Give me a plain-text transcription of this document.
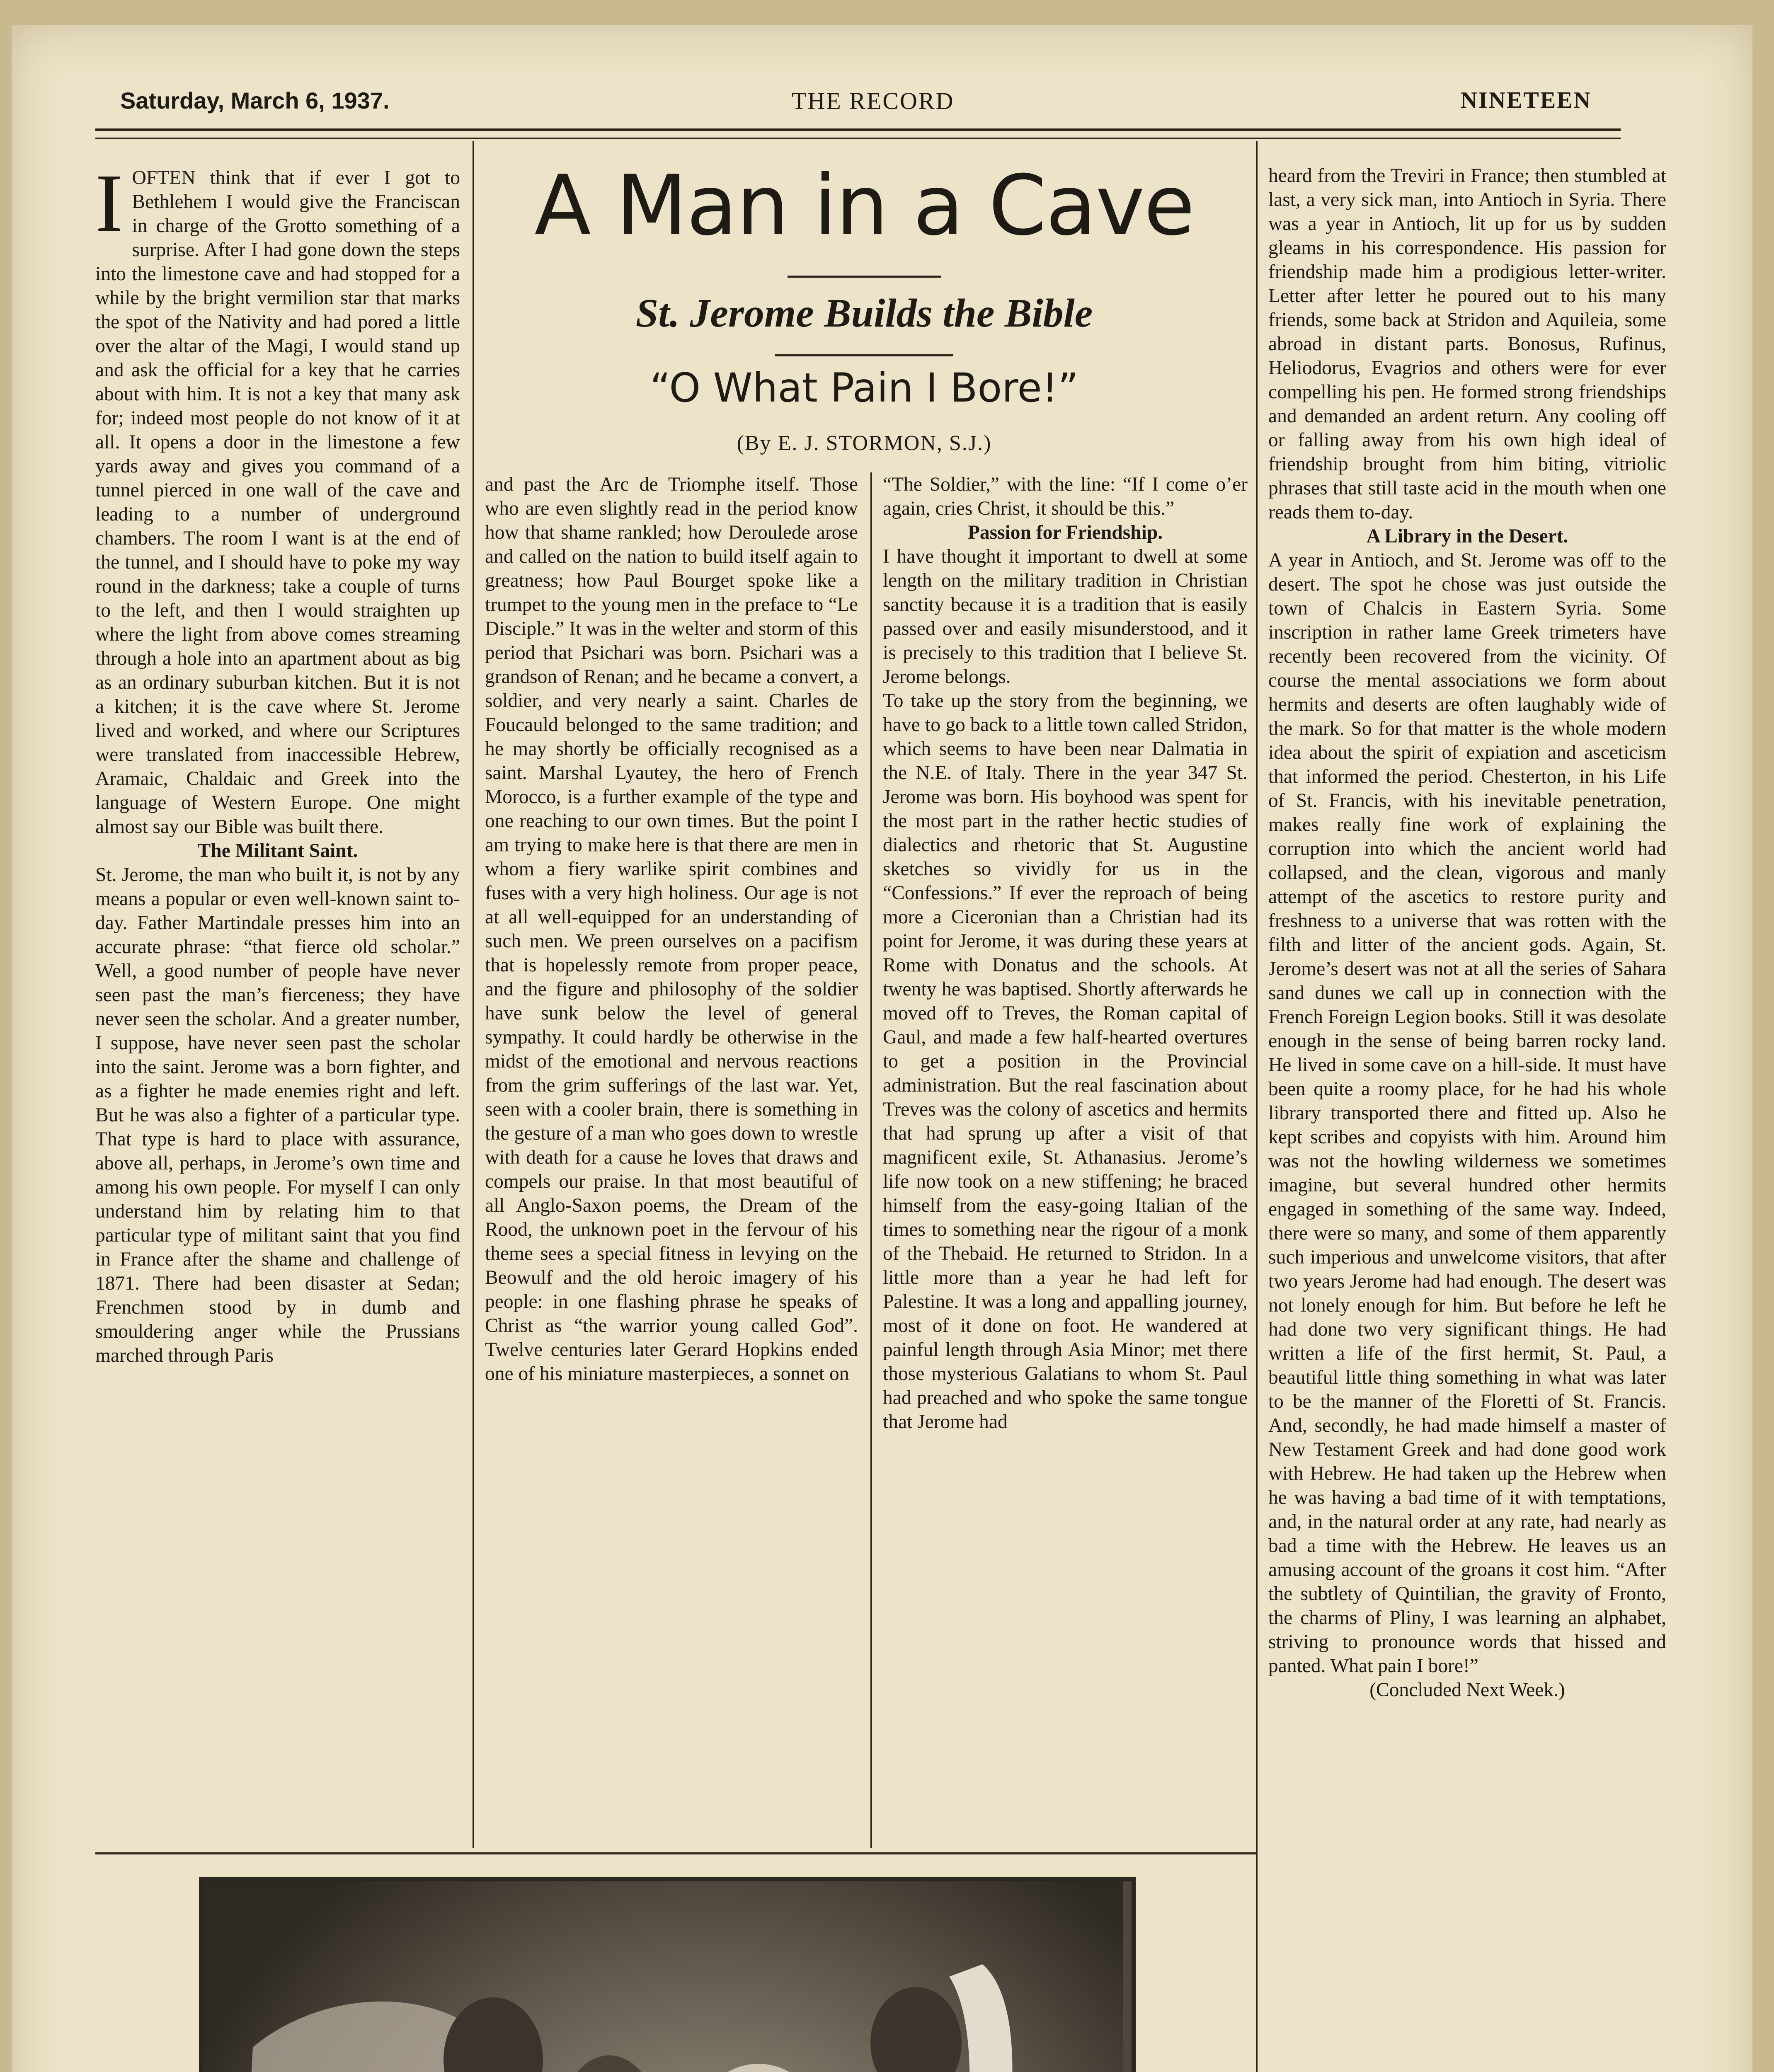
Saturday, March 6, 1937.	THE RECORD	NINETEEN
A Man in a Cave
St. Jerome Builds the Bible
“O What Pain I Bore!”
(By E. J. STORMON, S.J.)

IOFTEN think that if ever I got to Bethlehem I would give the Franciscan in charge of the Grotto something of a surprise. After I had gone down the steps into the limestone cave and had stopped for a while by the bright vermilion star that marks the spot of the Nativity and had pored a little over the altar of the Magi, I would stand up and ask the official for a key that he carries about with him. It is not a key that many ask for; indeed most people do not know of it at all. It opens a door in the limestone a few yards away and gives you command of a tunnel pierced in one wall of the cave and leading to a number of underground chambers. The room I want is at the end of the tunnel, and I should have to poke my way round in the darkness; take a couple of turns to the left, and then I would straighten up where the light from above comes streaming through a hole into an apartment about as big as an ordinary suburban kitchen. But it is not a kitchen; it is the cave where St. Jerome lived and worked, and where our Scriptures were translated from inaccessible Hebrew, Aramaic, Chaldaic and Greek into the language of Western Europe. One might almost say our Bible was built there.

The Militant Saint.

St. Jerome, the man who built it, is not by any means a popular or even well-known saint to-day. Father Martindale presses him into an accurate phrase: “that fierce old scholar.” Well, a good number of people have never seen past the man’s fierceness; they have never seen the scholar. And a greater number, I suppose, have never seen past the scholar into the saint. Jerome was a born fighter, and as a fighter he made enemies right and left. But he was also a fighter of a particular type. That type is hard to place with assurance, above all, perhaps, in Jerome’s own time and among his own people. For myself I can only understand him by relating him to that particular type of militant saint that you find in France after the shame and challenge of 1871. There had been disaster at Sedan; Frenchmen stood by in dumb and smouldering anger while the Prussians marched through Paris

and past the Arc de Triomphe itself. Those who are even slightly read in the period know how that shame rankled; how Deroulede arose and called on the nation to build itself again to greatness; how Paul Bourget spoke like a trumpet to the young men in the preface to “Le Disciple.” It was in the welter and storm of this period that Psichari was born. Psichari was a grandson of Renan; and he became a convert, a soldier, and very nearly a saint. Charles de Foucauld belonged to the same tradition; and he may shortly be officially recognised as a saint. Marshal Lyautey, the hero of French Morocco, is a further example of the type and one reaching to our own times. But the point I am trying to make here is that there are men in whom a fiery warlike spirit combines and fuses with a very high holiness. Our age is not at all well-equipped for an understanding of such men. We preen ourselves on a pacifism that is hopelessly remote from proper peace, and the figure and philosophy of the soldier have sunk below the level of general sympathy. It could hardly be otherwise in the midst of the emotional and nervous reactions from the grim sufferings of the last war. Yet, seen with a cooler brain, there is something in the gesture of a man who goes down to wrestle with death for a cause he loves that draws and compels our praise. In that most beautiful of all Anglo-Saxon poems, the Dream of the Rood, the unknown poet in the fervour of his theme sees a special fitness in levying on the Beowulf and the old heroic imagery of his people: in one flashing phrase he speaks of Christ as “the warrior young called God”. Twelve centuries later Gerard Hopkins ended one of his miniature masterpieces, a sonnet on

“The Soldier,” with the line: “If I come o’er again, cries Christ, it should be this.”

Passion for Friendship.

I have thought it important to dwell at some length on the military tradition in Christian sanctity because it is a tradition that is easily passed over and easily misunderstood, and it is precisely to this tradition that I believe St. Jerome belongs.

To take up the story from the beginning, we have to go back to a little town called Stridon, which seems to have been near Dalmatia in the N.E. of Italy. There in the year 347 St. Jerome was born. His boyhood was spent for the most part in the rather hectic studies of dialectics and rhetoric that St. Augustine sketches so vividly for us in the “Confessions.” If ever the reproach of being more a Ciceronian than a Christian had its point for Jerome, it was during these years at Rome with Donatus and the schools. At twenty he was baptised. Shortly afterwards he moved off to Treves, the Roman capital of Gaul, and made a few half-hearted overtures to get a position in the Provincial administration. But the real fascination about Treves was the colony of ascetics and hermits that had sprung up after a visit of that magnificent exile, St. Athanasius. Jerome’s life now took on a new stiffening; he braced himself from the easy-going Italian of the times to something near the rigour of a monk of the Thebaid. He returned to Stridon. In a little more than a year he had left for Palestine. It was a long and appalling journey, most of it done on foot. He wandered at painful length through Asia Minor; met there those mysterious Galatians to whom St. Paul had preached and who spoke the same tongue that Jerome had

heard from the Treviri in France; then stumbled at last, a very sick man, into Antioch in Syria. There was a year in Antioch, lit up for us by sudden gleams in his correspondence. His passion for friendship made him a prodigious letter-writer. Letter after letter he poured out to his many friends, some back at Stridon and Aquileia, some abroad in distant parts. Bonosus, Rufinus, Heliodorus, Evagrios and others were for ever compelling his pen. He formed strong friendships and demanded an ardent return. Any cooling off or falling away from his own high ideal of friendship brought from him biting, vitriolic phrases that still taste acid in the mouth when one reads them to-day.

A Library in the Desert.

A year in Antioch, and St. Jerome was off to the desert. The spot he chose was just outside the town of Chalcis in Eastern Syria. Some inscription in rather lame Greek trimeters have recently been recovered from the vicinity. Of course the mental associations we form about hermits and deserts are often laughably wide of the mark. So for that matter is the whole modern idea about the spirit of expiation and asceticism that informed the period. Chesterton, in his Life of St. Francis, with his inevitable penetration, makes really fine work of explaining the corruption into which the ancient world had collapsed, and the clean, vigorous and manly attempt of the ascetics to restore purity and freshness to a universe that was rotten with the filth and litter of the ancient gods. Again, St. Jerome’s desert was not at all the series of Sahara sand dunes we call up in connection with the French Foreign Legion books. Still it was desolate enough in the sense of being barren rocky land. He lived in some cave on a hill-side. It must have been quite a roomy place, for he had his whole library transported there and fitted up. Also he kept scribes and copyists with him. Around him was not the howling wilderness we sometimes imagine, but several hundred other hermits engaged in something of the same way. Indeed, there were so many, and some of them apparently such imperious and unwelcome visitors, that after two years Jerome had had enough. The desert was not lonely enough for him. But before he left he had done two very significant things. He had written a life of the first hermit, St. Paul, a beautiful little thing something in what was later to be the manner of the Floretti of St. Francis. And, secondly, he had made himself a master of New Testament Greek and had done good work with Hebrew. He had taken up the Hebrew when he was having a bad time of it with temptations, and, in the natural order at any rate, had nearly as bad a time with the Hebrew. He leaves us an amusing account of the groans it cost him. “After the subtlety of Quintilian, the gravity of Fronto, the charms of Pliny, I was learning an alphabet, striving to pronounce words that hissed and panted. What pain I bore!”

(Concluded Next Week.)
